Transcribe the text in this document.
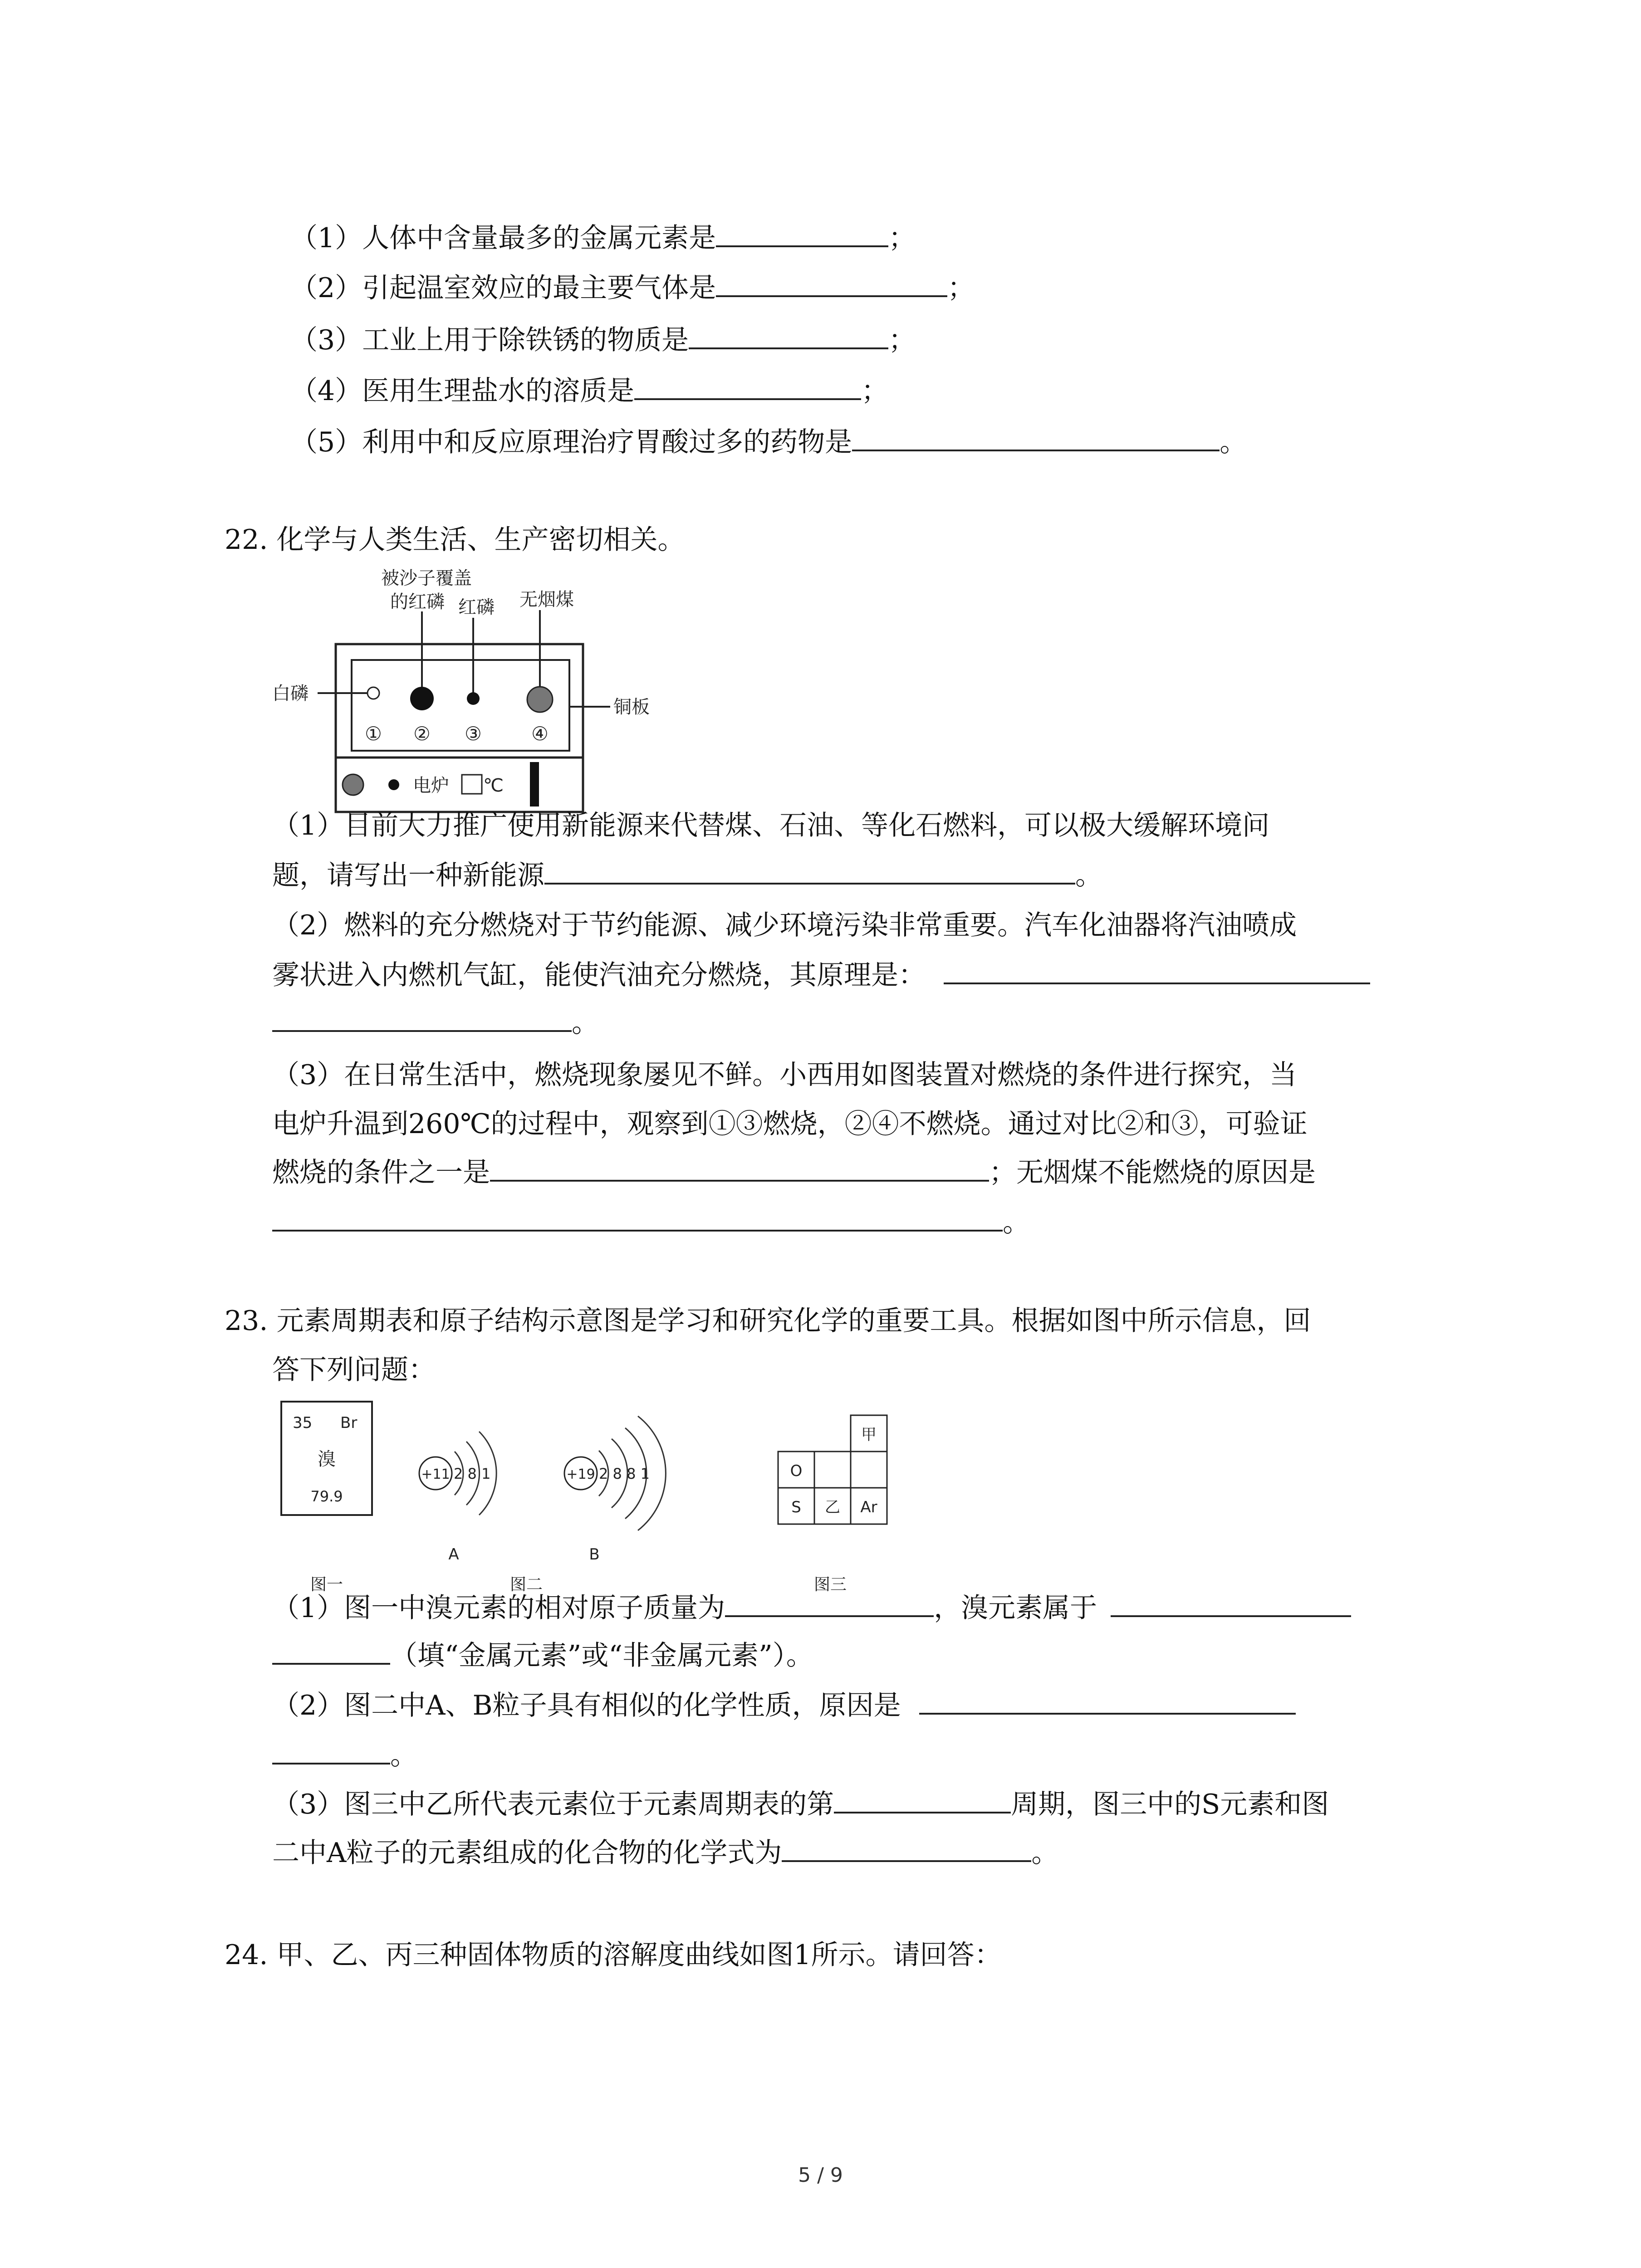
（1）人体中含量最多的金属元素是	；
（2）引起温室效应的最主要气体是	；
（3）工业上用于除铁锈的物质是	；
（4）医用生理盐水的溶质是	；
（5）利用中和反应原理治疗胃酸过多的药物是	。
22. 化学与人类生活、生产密切相关。
被沙子覆盖
的红磷 红磷 无烟煤
白磷
铜板
① ② ③	④
电炉 ℃
（1）目前大力推广使用新能源来代替煤、石油、等化石燃料，可以极大缓解环境问
题，请写出一种新能源	。
（2）燃料的充分燃烧对于节约能源、减少环境污染非常重要。汽车化油器将汽油喷成
雾状进入内燃机气缸，能使汽油充分燃烧，其原理是：
。
（3）在日常生活中，燃烧现象屡见不鲜。小西用如图装置对燃烧的条件进行探究，当
电炉升温到260℃的过程中，观察到①③燃烧，②④不燃烧。通过对比②和③，可验证
燃烧的条件之一是	；无烟煤不能燃烧的原因是
。
23. 元素周期表和原子结构示意图是学习和研究化学的重要工具。根据如图中所示信息，回
答下列问题：
35 Br
溴
79.9
+11 2 8 1
A
+19 2 8 8 1
B
甲
O
S 乙 Ar
图一	图二	图三
（1）图一中溴元素的相对原子质量为	，溴元素属于
（填“金属元素”或“非金属元素”）。
（2）图二中A、B粒子具有相似的化学性质，原因是
。
（3）图三中乙所代表元素位于元素周期表的第	周期，图三中的S元素和图
二中A粒子的元素组成的化合物的化学式为	。
24. 甲、乙、丙三种固体物质的溶解度曲线如图1所示。请回答：
5 / 9
